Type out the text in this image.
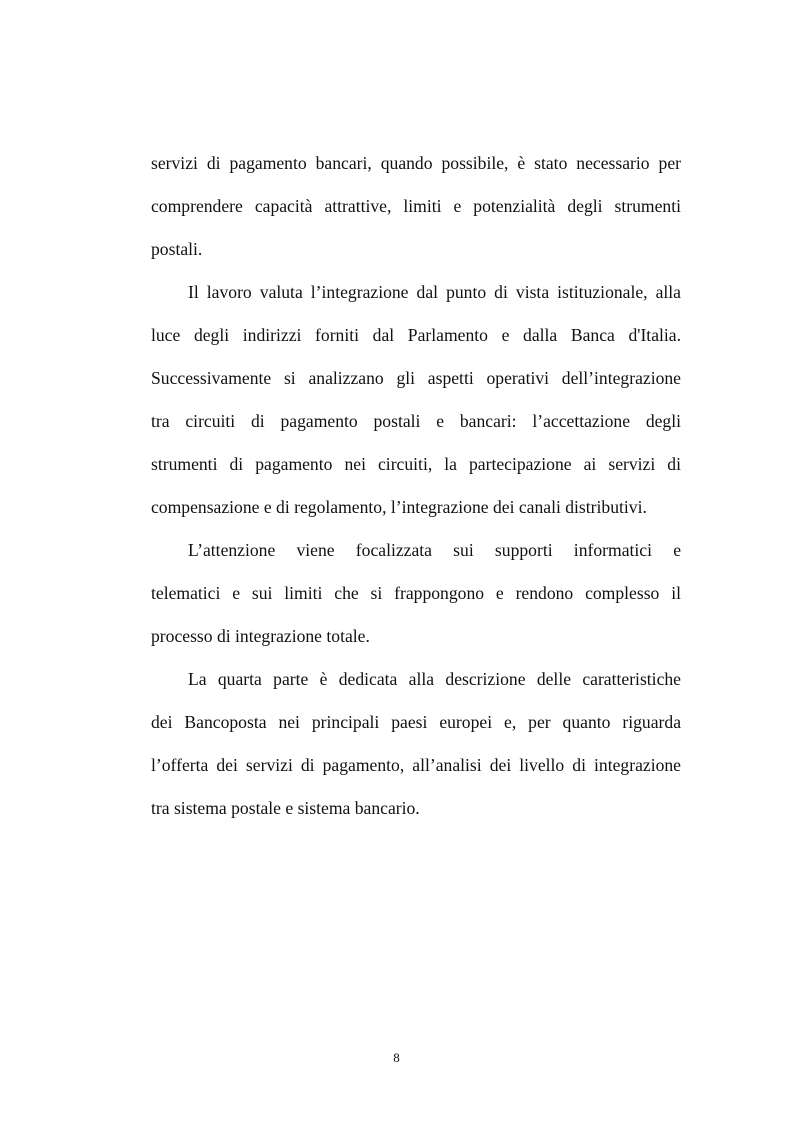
servizi di pagamento bancari, quando possibile, è stato necessario per
comprendere capacità attrattive, limiti e potenzialità degli strumenti
postali.
Il lavoro valuta l’integrazione dal punto di vista istituzionale, alla
luce degli indirizzi forniti dal Parlamento e dalla Banca d'Italia.
Successivamente si analizzano gli aspetti operativi dell’integrazione
tra circuiti di pagamento postali e bancari: l’accettazione degli
strumenti di pagamento nei circuiti, la partecipazione ai servizi di
compensazione e di regolamento, l’integrazione dei canali distributivi.
L’attenzione viene focalizzata sui supporti informatici e
telematici e sui limiti che si frappongono e rendono complesso il
processo di integrazione totale.
La quarta parte è dedicata alla descrizione delle caratteristiche
dei Bancoposta nei principali paesi europei e, per quanto riguarda
l’offerta dei servizi di pagamento, all’analisi dei livello di integrazione
tra sistema postale e sistema bancario.
8
